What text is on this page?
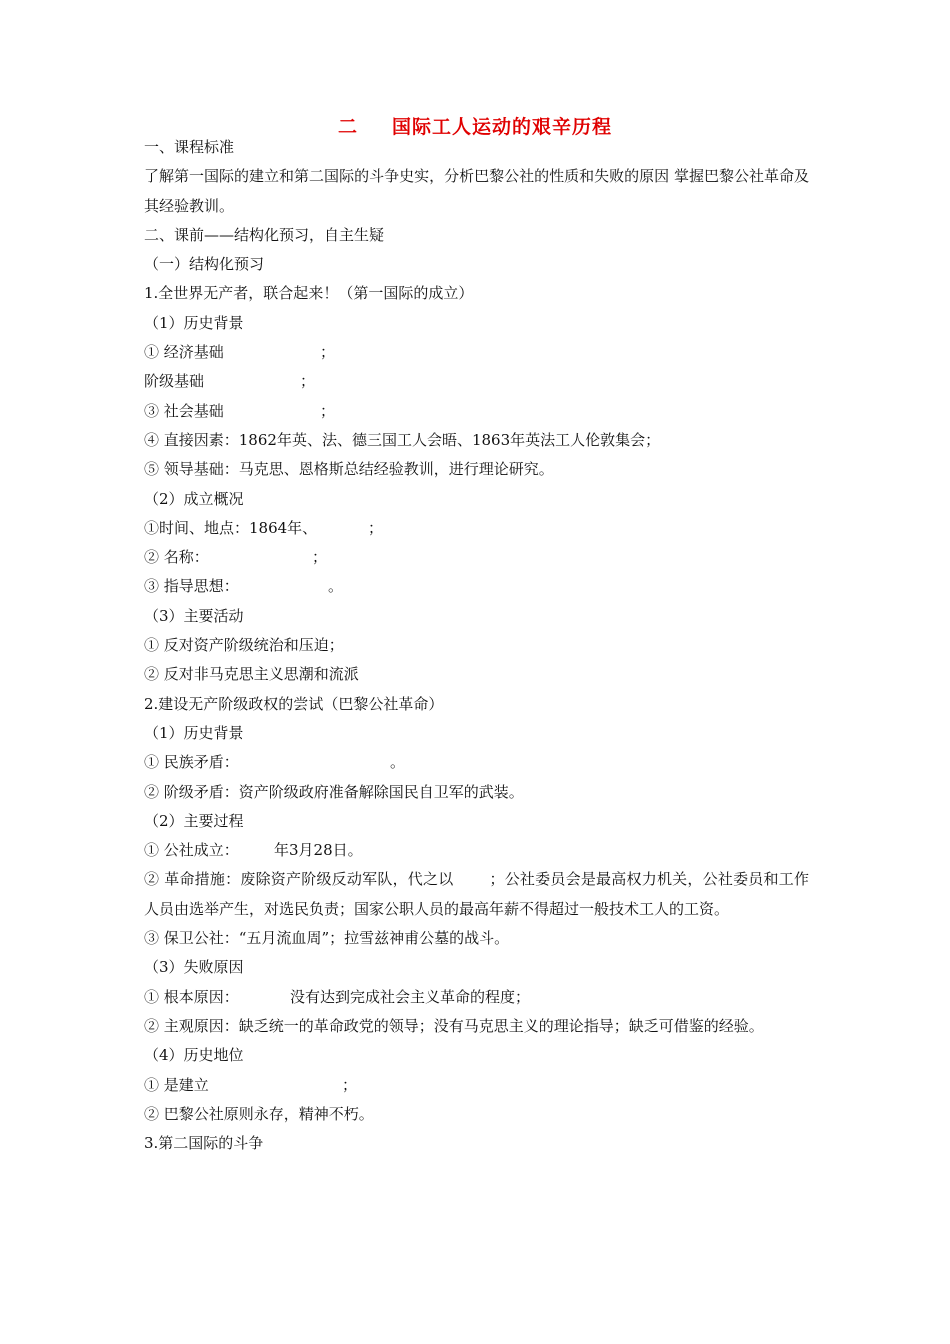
二 国际工人运动的艰辛历程
一、课程标准
了解第一国际的建立和第二国际的斗争史实，分析巴黎公社的性质和失败的原因 掌握巴黎公社革命及其经验教训。
二、课前——结构化预习，自主生疑
（一）结构化预习
1.全世界无产者，联合起来！（第一国际的成立）
（1）历史背景
① 经济基础	；
阶级基础	；
③ 社会基础	；
④ 直接因素：1862年英、法、德三国工人会晤、1863年英法工人伦敦集会；
⑤ 领导基础：马克思、恩格斯总结经验教训，进行理论研究。
（2）成立概况
①时间、地点：1864年、	；
② 名称：	；
③ 指导思想：	。
（3）主要活动
① 反对资产阶级统治和压迫；
② 反对非马克思主义思潮和流派
2.建设无产阶级政权的尝试（巴黎公社革命）
（1）历史背景
① 民族矛盾：	。
② 阶级矛盾：资产阶级政府准备解除国民自卫军的武装。
（2）主要过程
① 公社成立： 年3月28日。
② 革命措施：废除资产阶级反动军队，代之以 ；公社委员会是最高权力机关，公社委员和工作人员由选举产生，对选民负责；国家公职人员的最高年薪不得超过一般技术工人的工资。
③ 保卫公社：“五月流血周”；拉雪兹神甫公墓的战斗。
（3）失败原因
① 根本原因：	没有达到完成社会主义革命的程度；
② 主观原因：缺乏统一的革命政党的领导；没有马克思主义的理论指导；缺乏可借鉴的经验。
（4）历史地位
① 是建立	；
② 巴黎公社原则永存，精神不朽。
3.第二国际的斗争
